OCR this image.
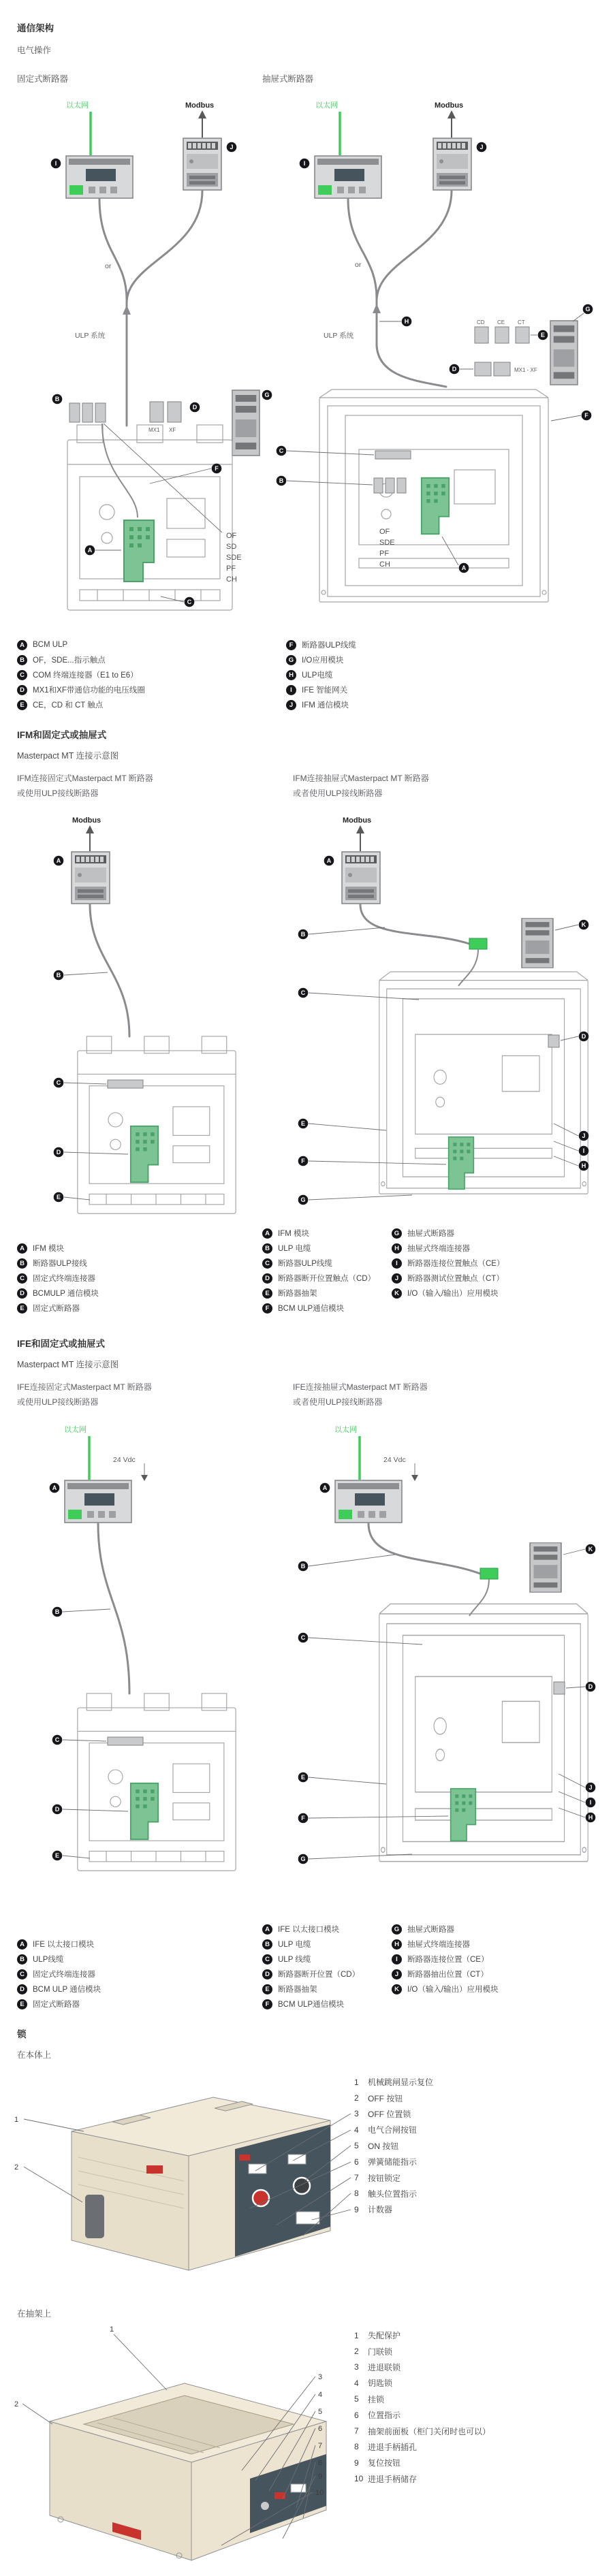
通信架构
电气操作
固定式断路器	抽屉式断路器
以太网
I
Modbus
J
or
ULP 系统
B
MX1 XF
D
G
F
A
OF
SD
SDE
PF
CH
C
以太网
I
Modbus
J
or
ULP 系统
H	CD CE CT
E
MX1 - XF
D
G
C
B
OF
SDE
PF
CH	A
F
A	BCM ULP
B	OF，SDE...指示触点
C	COM 终端连接器（E1 to E6）
D	MX1和XF带通信功能的电压线圈
E	CE，CD 和 CT 触点
F	断路器ULP线缆
G	I/O应用模块
H	ULP电缆
I	IFE 智能网关
J	IFM 通信模块
IFM和固定式或抽屉式
Masterpact MT 连接示意图
IFM连接固定式Masterpact MT 断路器
或使用ULP接线断路器
IFM连接抽屉式Masterpact MT 断路器
或者使用ULP接线断路器
Modbus
A
B
C
D
E
Modbus
A
B
K
C
D
J
I
H
E
F
G
A	IFM 模块
B	断路器ULP接线
C	固定式终端连接器
D	BCMULP 通信模块
E	固定式断路器
A	IFM 模块
B	ULP 电缆
C	断路器ULP线缆
D	断路器断开位置触点（CD）
E	断路器抽架
F	BCM ULP通信模块
G	抽屉式断路器
H	抽屉式终端连接器
I	断路器连接位置触点（CE）
J	断路器测试位置触点（CT）
K	I/O（输入/输出）应用模块
IFE和固定式或抽屉式
Masterpact MT 连接示意图
IFE连接固定式Masterpact MT 断路器
或使用ULP接线断路器
IFE连接抽屉式Masterpact MT 断路器
或者使用ULP接线断路器
以太网
24 Vdc
A
B
C
D
E
以太网
24 Vdc
A
B
K
C
D
J
I
H
E
F
G
A	IFE 以太接口模块
B	ULP线缆
C	固定式终端连接器
D	BCM ULP 通信模块
E	固定式断路器
A	IFE 以太接口模块
B	ULP 电缆
C	ULP 线缆
D	断路器断开位置（CD）
E	断路器抽架
F	BCM ULP通信模块
G	抽屉式断路器
H	抽屉式终端连接器
I	断路器连接位置（CE）
J	断路器抽出位置（CT）
K	I/O（输入/输出）应用模块
锁
在本体上
1
2
1	机械跳闸显示复位
2	OFF 按钮
3	OFF 位置锁
4	电气合闸按钮
5	ON 按钮
6	弹簧储能指示
7	按钮锁定
8	触头位置指示
9	计数器
在抽架上
1
2
3
4
5
6
7
8
9
10
1	失配保护
2	门联锁
3	进退联锁
4	钥匙锁
5	挂锁
6	位置指示
7	抽架前面板（柜门关闭时也可以）
8	进退手柄插孔
9	复位按钮
10 进退手柄储存
